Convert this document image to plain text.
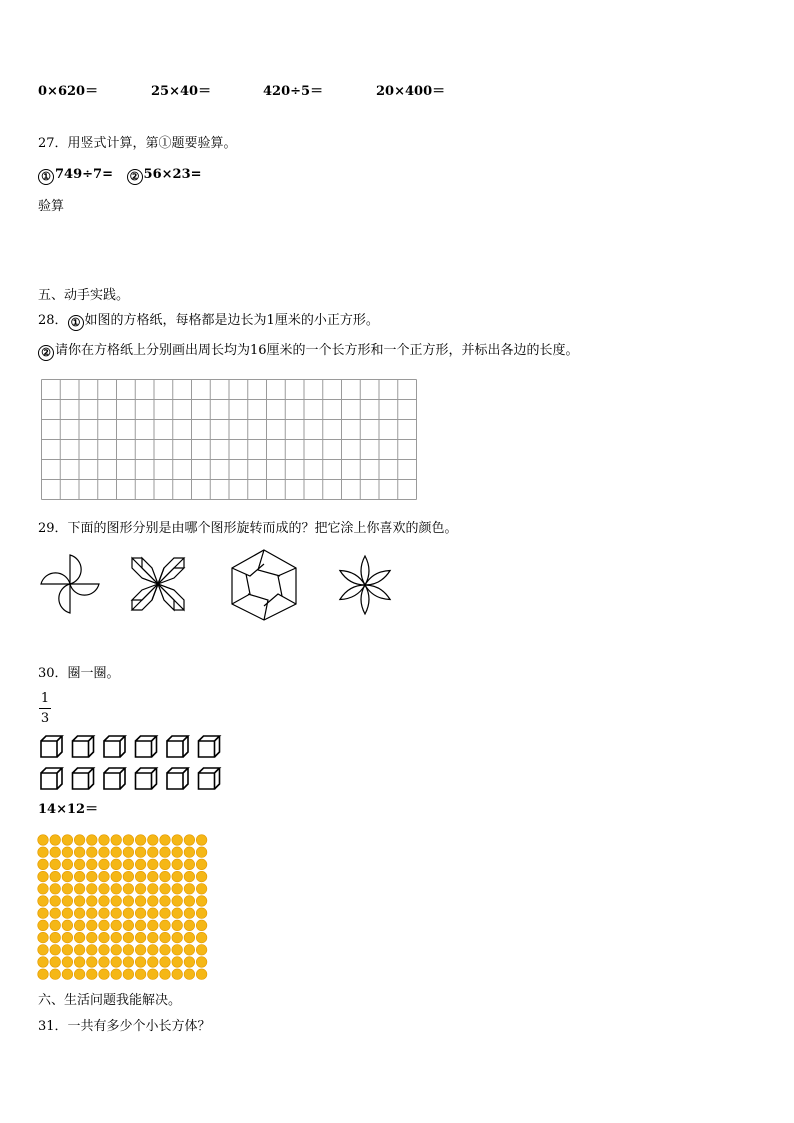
0×620＝	25×40＝	420÷5＝	20×400＝
27．用竖式计算，第①题要验算。
① 749÷7= ② 56×23=
验算
五、动手实践。
28． ① 如图的方格纸，每格都是边长为1厘米的小正方形。
② 请你在方格纸上分别画出周长均为16厘米的一个长方形和一个正方形，并标出各边的长度。
29．下面的图形分别是由哪个图形旋转而成的？把它涂上你喜欢的颜色。
30．圈一圈。
1
3
14×12＝
六、生活问题我能解决。
31．一共有多少个小长方体？
